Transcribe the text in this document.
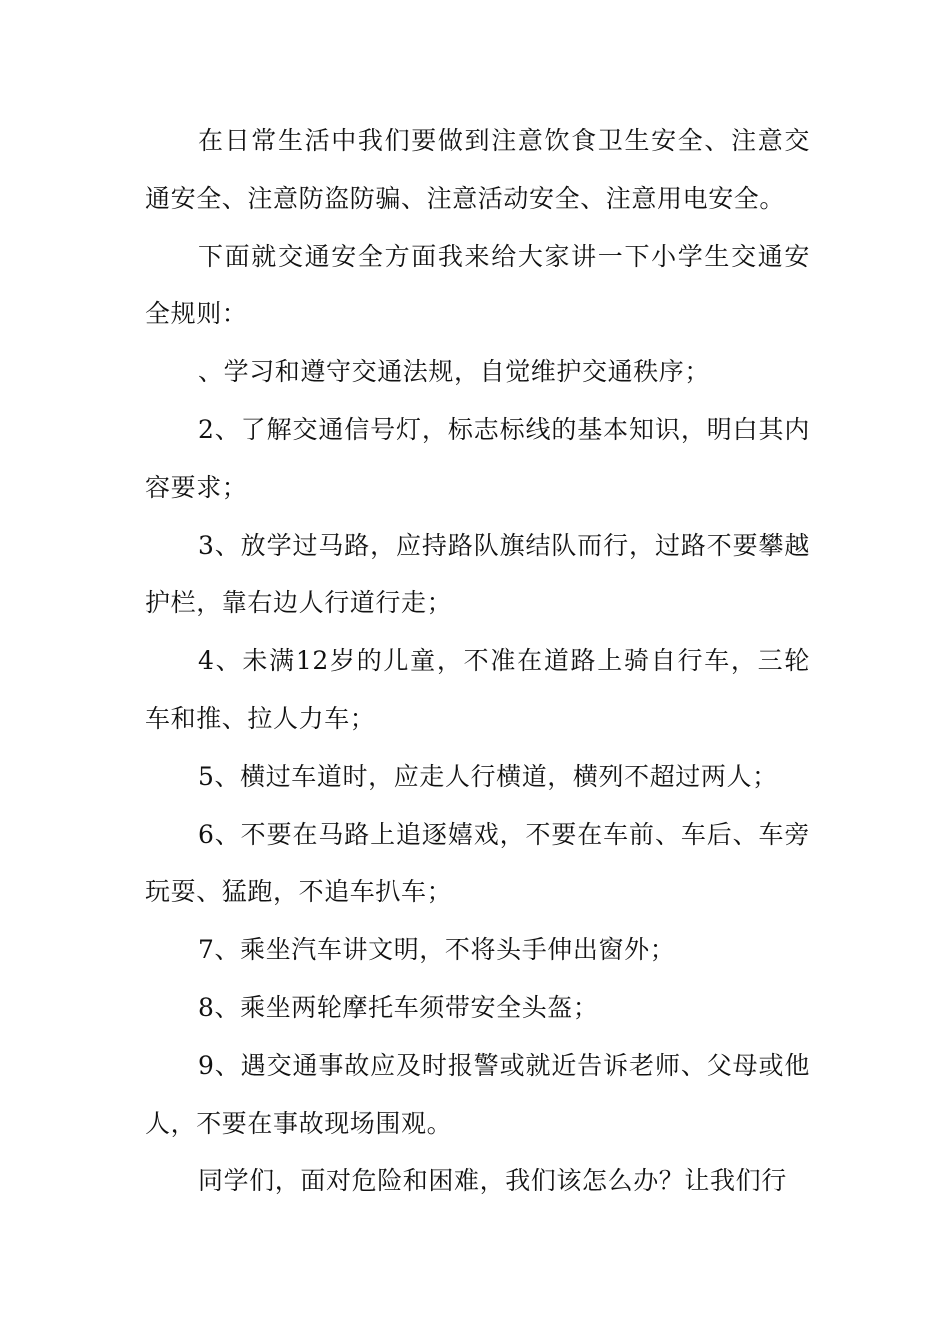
在日常生活中我们要做到注意饮食卫生安全、注意交通安全、注意防盗防骗、注意活动安全、注意用电安全。

下面就交通安全方面我来给大家讲一下小学生交通安全规则：

、学习和遵守交通法规，自觉维护交通秩序；

2、了解交通信号灯，标志标线的基本知识，明白其内容要求；

3、放学过马路，应持路队旗结队而行，过路不要攀越护栏，靠右边人行道行走；

4、未满12岁的儿童，不准在道路上骑自行车，三轮车和推、拉人力车；

5、横过车道时，应走人行横道，横列不超过两人；

6、不要在马路上追逐嬉戏，不要在车前、车后、车旁玩耍、猛跑，不追车扒车；

7、乘坐汽车讲文明，不将头手伸出窗外；

8、乘坐两轮摩托车须带安全头盔；

9、遇交通事故应及时报警或就近告诉老师、父母或他人，不要在事故现场围观。

同学们，面对危险和困难，我们该怎么办？让我们行
